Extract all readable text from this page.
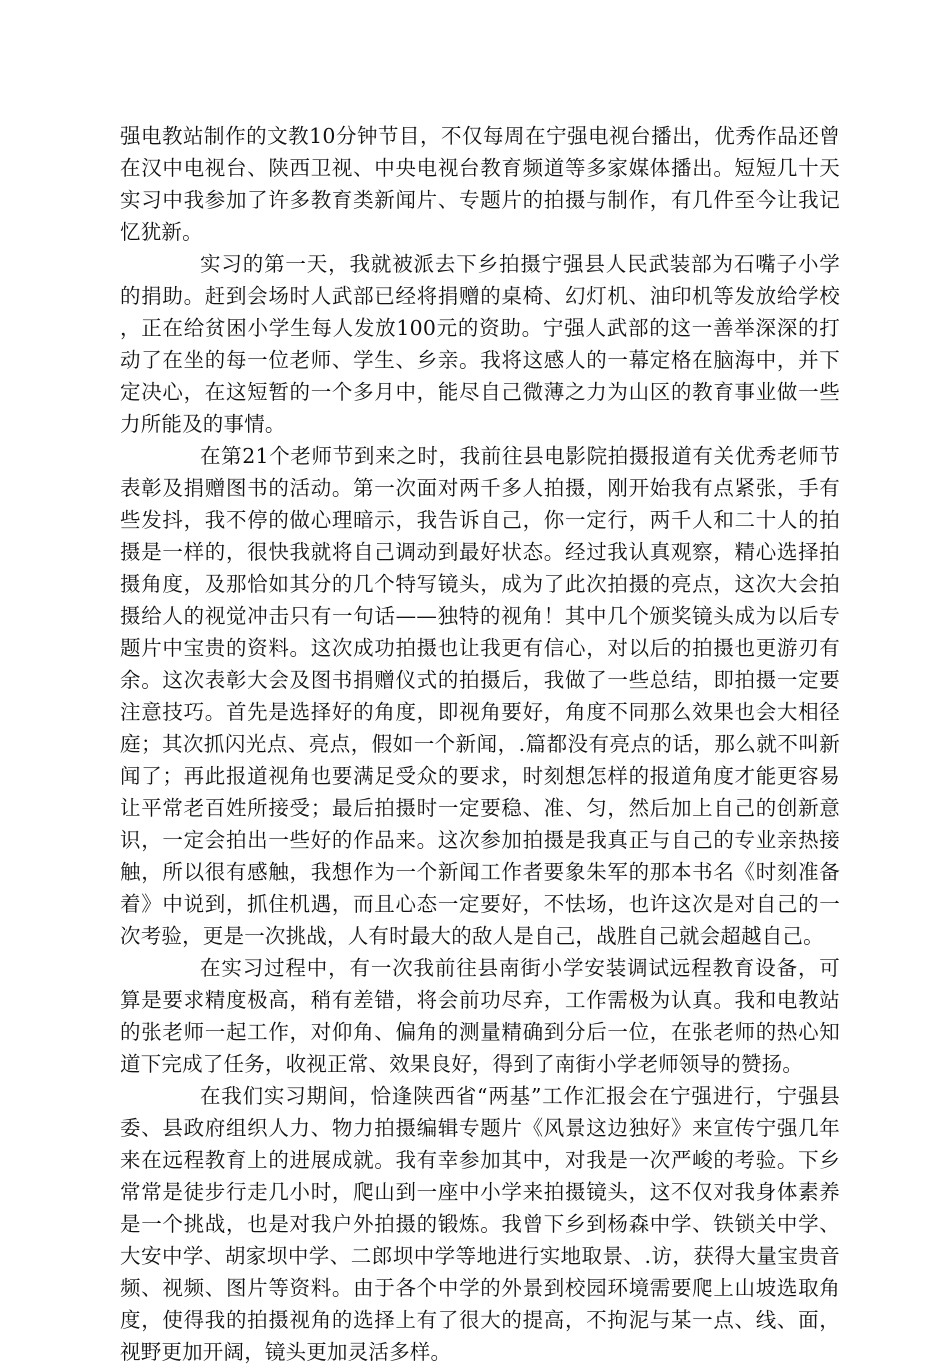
强电教站制作的文教10分钟节目，不仅每周在宁强电视台播出，优秀作品还曾在汉中电视台、陕西卫视、中央电视台教育频道等多家媒体播出。短短几十天实习中我参加了许多教育类新闻片、专题片的拍摄与制作，有几件至今让我记忆犹新。

实习的第一天，我就被派去下乡拍摄宁强县人民武装部为石嘴子小学的捐助。赶到会场时人武部已经将捐赠的桌椅、幻灯机、油印机等发放给学校，正在给贫困小学生每人发放100元的资助。宁强人武部的这一善举深深的打动了在坐的每一位老师、学生、乡亲。我将这感人的一幕定格在脑海中，并下定决心，在这短暂的一个多月中，能尽自己微薄之力为山区的教育事业做一些力所能及的事情。

在第21个老师节到来之时，我前往县电影院拍摄报道有关优秀老师节表彰及捐赠图书的活动。第一次面对两千多人拍摄，刚开始我有点紧张，手有些发抖，我不停的做心理暗示，我告诉自己，你一定行，两千人和二十人的拍摄是一样的，很快我就将自己调动到最好状态。经过我认真观察，精心选择拍摄角度，及那恰如其分的几个特写镜头，成为了此次拍摄的亮点，这次大会拍摄给人的视觉冲击只有一句话——独特的视角！其中几个颁奖镜头成为以后专题片中宝贵的资料。这次成功拍摄也让我更有信心，对以后的拍摄也更游刃有余。这次表彰大会及图书捐赠仪式的拍摄后，我做了一些总结，即拍摄一定要注意技巧。首先是选择好的角度，即视角要好，角度不同那么效果也会大相径庭；其次抓闪光点、亮点，假如一个新闻，.篇都没有亮点的话，那么就不叫新闻了；再此报道视角也要满足受众的要求，时刻想怎样的报道角度才能更容易让平常老百姓所接受；最后拍摄时一定要稳、准、匀，然后加上自己的创新意识，一定会拍出一些好的作品来。这次参加拍摄是我真正与自己的专业亲热接触，所以很有感触，我想作为一个新闻工作者要象朱军的那本书名《时刻准备着》中说到，抓住机遇，而且心态一定要好，不怯场，也许这次是对自己的一次考验，更是一次挑战，人有时最大的敌人是自己，战胜自己就会超越自己。

在实习过程中，有一次我前往县南街小学安装调试远程教育设备，可算是要求精度极高，稍有差错，将会前功尽弃，工作需极为认真。我和电教站的张老师一起工作，对仰角、偏角的测量精确到分后一位，在张老师的热心知道下完成了任务，收视正常、效果良好，得到了南街小学老师领导的赞扬。

在我们实习期间，恰逢陕西省“两基”工作汇报会在宁强进行，宁强县委、县政府组织人力、物力拍摄编辑专题片《风景这边独好》来宣传宁强几年来在远程教育上的进展成就。我有幸参加其中，对我是一次严峻的考验。下乡常常是徒步行走几小时，爬山到一座中小学来拍摄镜头，这不仅对我身体素养是一个挑战，也是对我户外拍摄的锻炼。我曾下乡到杨森中学、铁锁关中学、大安中学、胡家坝中学、二郎坝中学等地进行实地取景、.访，获得大量宝贵音频、视频、图片等资料。由于各个中学的外景到校园环境需要爬上山坡选取角度，使得我的拍摄视角的选择上有了很大的提高，不拘泥与某一点、线、面，视野更加开阔，镜头更加灵活多样。
